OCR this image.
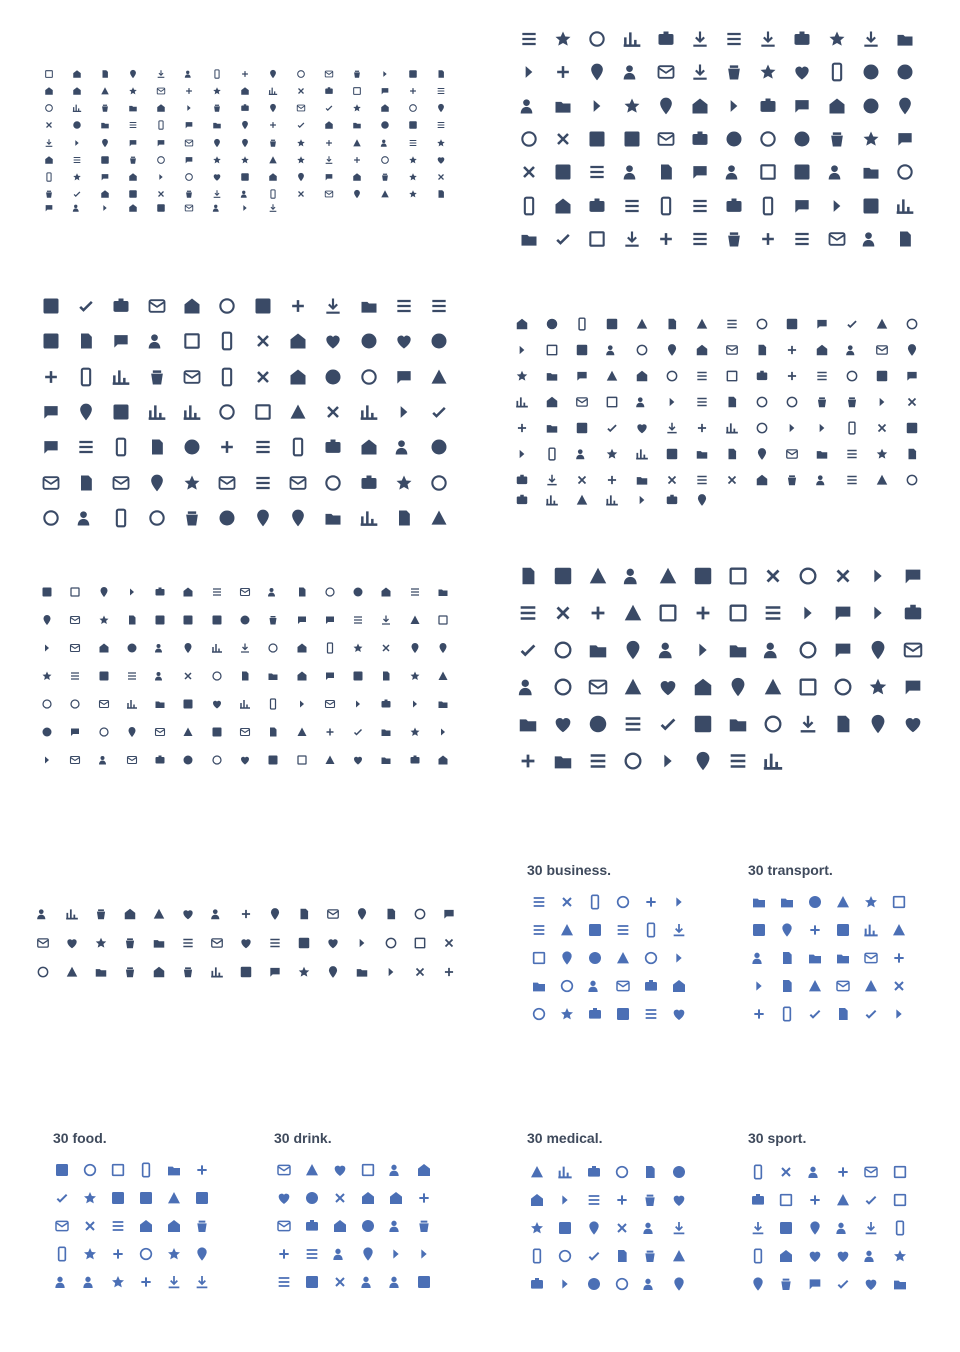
30 business.	30 transport.
30 food.	30 drink.	30 medical.	30 sport.
